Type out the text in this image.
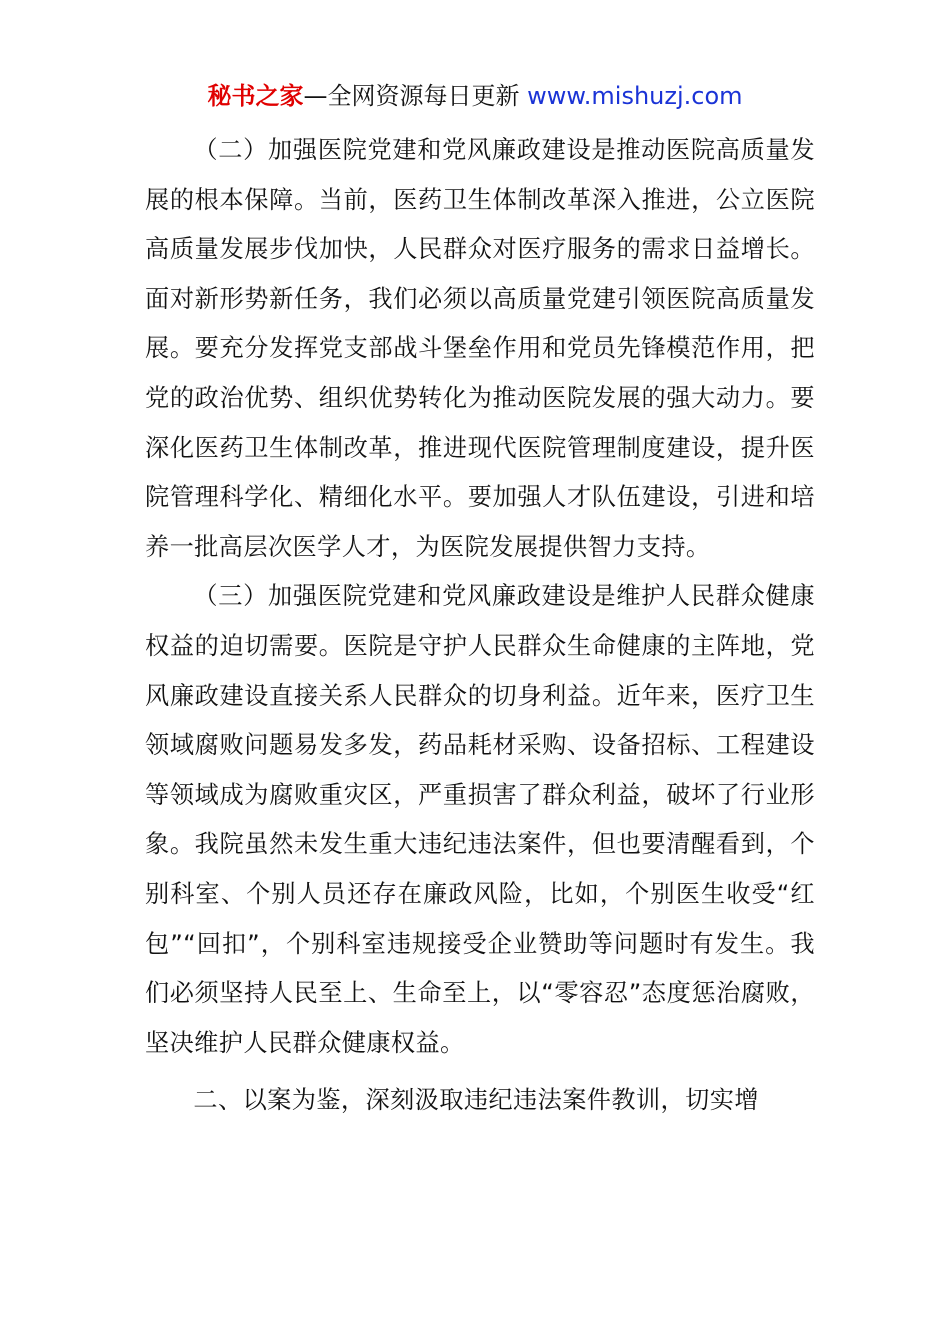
秘书之家—全网资源每日更新 www.mishuzj.com

（二）加强医院党建和党风廉政建设是推动医院高质量发展的根本保障。当前，医药卫生体制改革深入推进，公立医院高质量发展步伐加快，人民群众对医疗服务的需求日益增长。面对新形势新任务，我们必须以高质量党建引领医院高质量发展。要充分发挥党支部战斗堡垒作用和党员先锋模范作用，把党的政治优势、组织优势转化为推动医院发展的强大动力。要深化医药卫生体制改革，推进现代医院管理制度建设，提升医院管理科学化、精细化水平。要加强人才队伍建设，引进和培养一批高层次医学人才，为医院发展提供智力支持。

（三）加强医院党建和党风廉政建设是维护人民群众健康权益的迫切需要。医院是守护人民群众生命健康的主阵地，党风廉政建设直接关系人民群众的切身利益。近年来，医疗卫生领域腐败问题易发多发，药品耗材采购、设备招标、工程建设等领域成为腐败重灾区，严重损害了群众利益，破坏了行业形象。我院虽然未发生重大违纪违法案件，但也要清醒看到，个别科室、个别人员还存在廉政风险，比如，个别医生收受“红包”“回扣”，个别科室违规接受企业赞助等问题时有发生。我们必须坚持人民至上、生命至上，以“零容忍”态度惩治腐败，坚决维护人民群众健康权益。

二、以案为鉴，深刻汲取违纪违法案件教训，切实增
